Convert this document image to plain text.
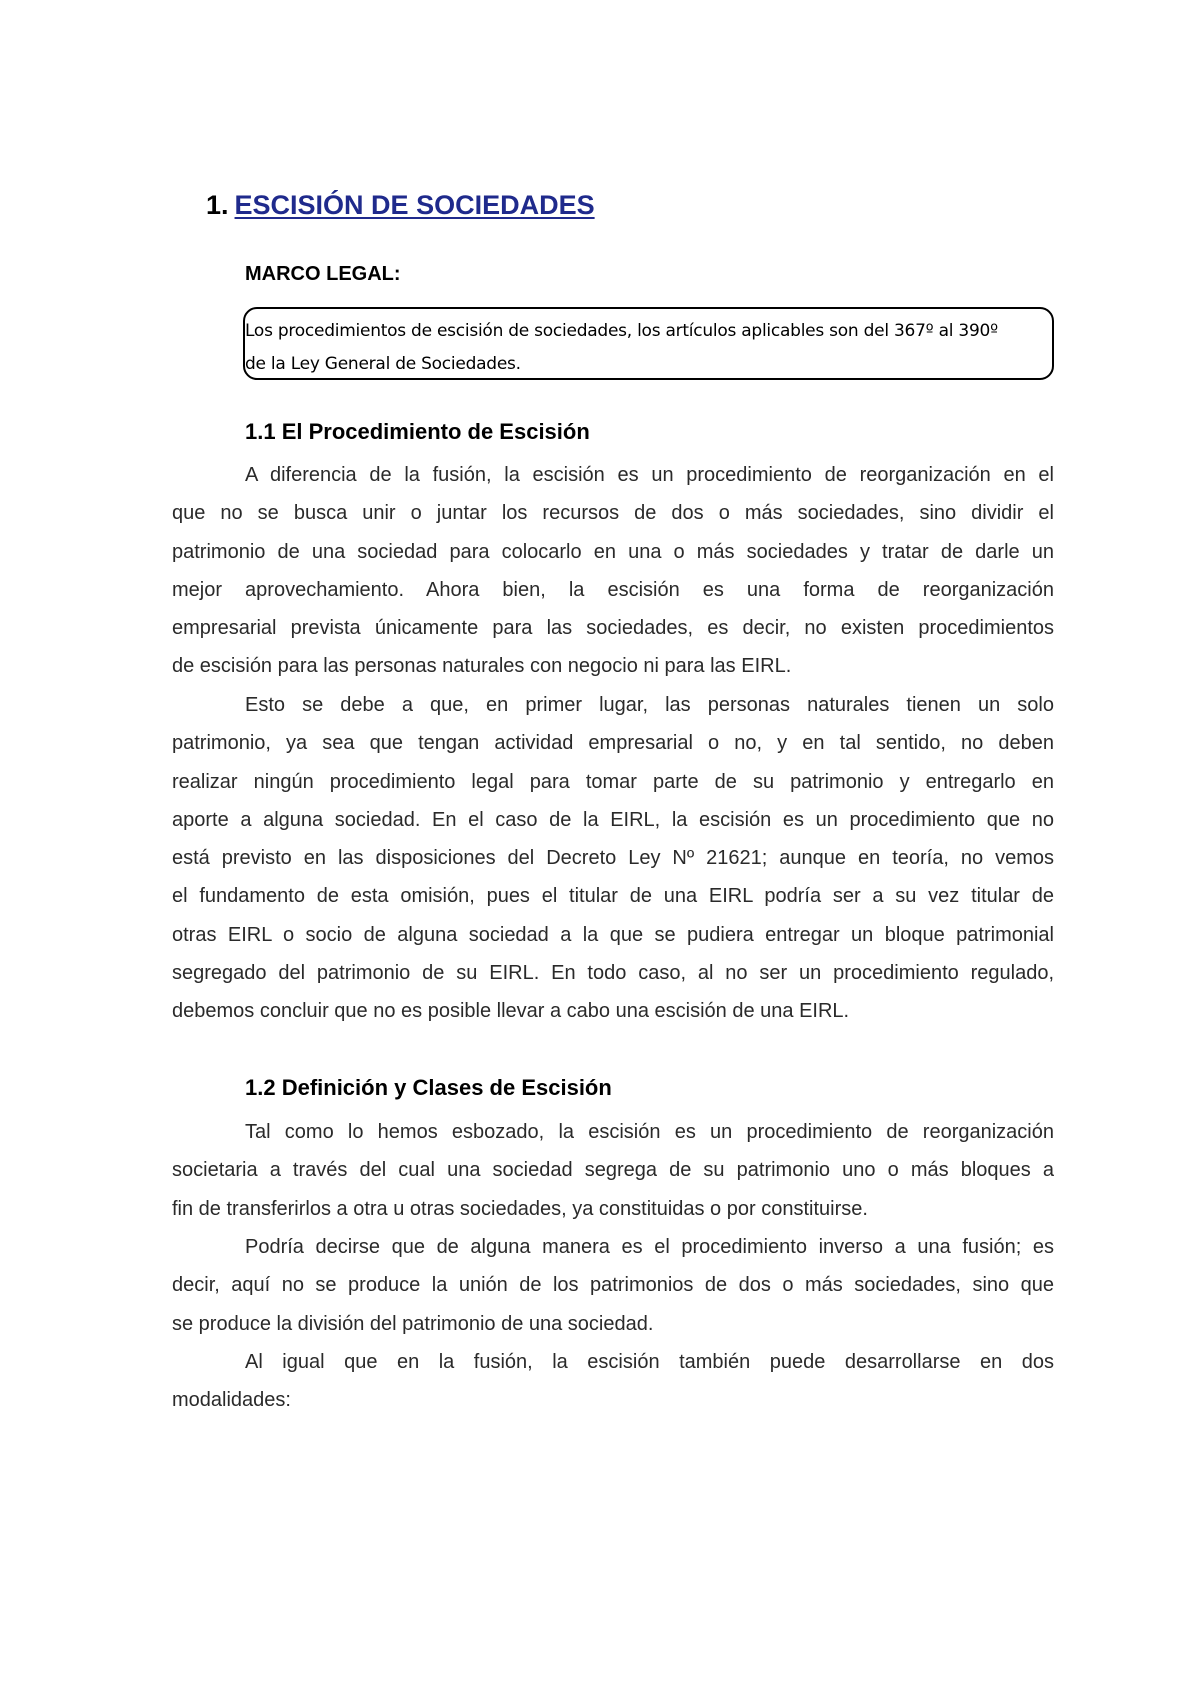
1. ESCISIÓN DE SOCIEDADES
MARCO LEGAL:
Los procedimientos de escisión de sociedades, los artículos aplicables son del 367º al 390º
de la Ley General de Sociedades.
1.1 El Procedimiento de Escisión
A diferencia de la fusión, la escisión es un procedimiento de reorganización en el
que no se busca unir o juntar los recursos de dos o más sociedades, sino dividir el
patrimonio de una sociedad para colocarlo en una o más sociedades y tratar de darle un
mejor aprovechamiento. Ahora bien, la escisión es una forma de reorganización
empresarial prevista únicamente para las sociedades, es decir, no existen procedimientos
de escisión para las personas naturales con negocio ni para las EIRL.
Esto se debe a que, en primer lugar, las personas naturales tienen un solo
patrimonio, ya sea que tengan actividad empresarial o no, y en tal sentido, no deben
realizar ningún procedimiento legal para tomar parte de su patrimonio y entregarlo en
aporte a alguna sociedad. En el caso de la EIRL, la escisión es un procedimiento que no
está previsto en las disposiciones del Decreto Ley Nº 21621; aunque en teoría, no vemos
el fundamento de esta omisión, pues el titular de una EIRL podría ser a su vez titular de
otras EIRL o socio de alguna sociedad a la que se pudiera entregar un bloque patrimonial
segregado del patrimonio de su EIRL. En todo caso, al no ser un procedimiento regulado,
debemos concluir que no es posible llevar a cabo una escisión de una EIRL.
1.2 Definición y Clases de Escisión
Tal como lo hemos esbozado, la escisión es un procedimiento de reorganización
societaria a través del cual una sociedad segrega de su patrimonio uno o más bloques a
fin de transferirlos a otra u otras sociedades, ya constituidas o por constituirse.
Podría decirse que de alguna manera es el procedimiento inverso a una fusión; es
decir, aquí no se produce la unión de los patrimonios de dos o más sociedades, sino que
se produce la división del patrimonio de una sociedad.
Al igual que en la fusión, la escisión también puede desarrollarse en dos
modalidades:
